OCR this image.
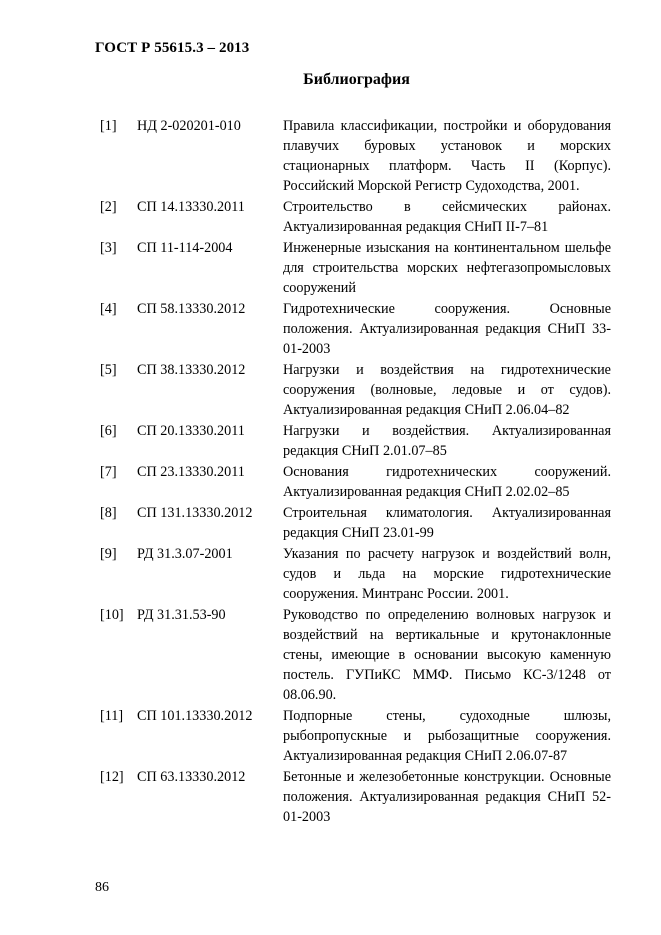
ГОСТ Р 55615.3 – 2013
Библиография
[1]	НД 2-020201-010	Правила классификации, постройки и оборудования плавучих буровых установок и морских стационарных платформ. Часть II (Корпус). Российский Морской Регистр Судоходства, 2001.
[2]	СП 14.13330.2011	Строительство в сейсмических районах. Актуализированная редакция СНиП II-7–81
[3]	СП 11-114-2004	Инженерные изыскания на континентальном шельфе для строительства морских нефтегазопромысловых сооружений
[4]	СП 58.13330.2012	Гидротехнические сооружения. Основные положения. Актуализированная редакция СНиП 33-01-2003
[5]	СП 38.13330.2012	Нагрузки и воздействия на гидротехнические сооружения (волновые, ледовые и от судов). Актуализированная редакция СНиП 2.06.04–82
[6]	СП 20.13330.2011	Нагрузки и воздействия. Актуализированная редакция СНиП 2.01.07–85
[7]	СП 23.13330.2011	Основания гидротехнических сооружений. Актуализированная редакция СНиП 2.02.02–85
[8]	СП 131.13330.2012	Строительная климатология. Актуализированная редакция СНиП 23.01-99
[9]	РД 31.3.07-2001	Указания по расчету нагрузок и воздействий волн, судов и льда на морские гидротехнические сооружения. Минтранс России. 2001.
[10] РД 31.31.53-90	Руководство по определению волновых нагрузок и воздействий на вертикальные и крутонаклонные стены, имеющие в основании высокую каменную постель. ГУПиКС ММФ. Письмо КС-3/1248 от 08.06.90.
[11] СП 101.13330.2012	Подпорные стены, судоходные шлюзы, рыбопропускные и рыбозащитные сооружения. Актуализированная редакция СНиП 2.06.07-87
[12] СП 63.13330.2012	Бетонные и железобетонные конструкции. Основные положения. Актуализированная редакция СНиП 52-01-2003
86
